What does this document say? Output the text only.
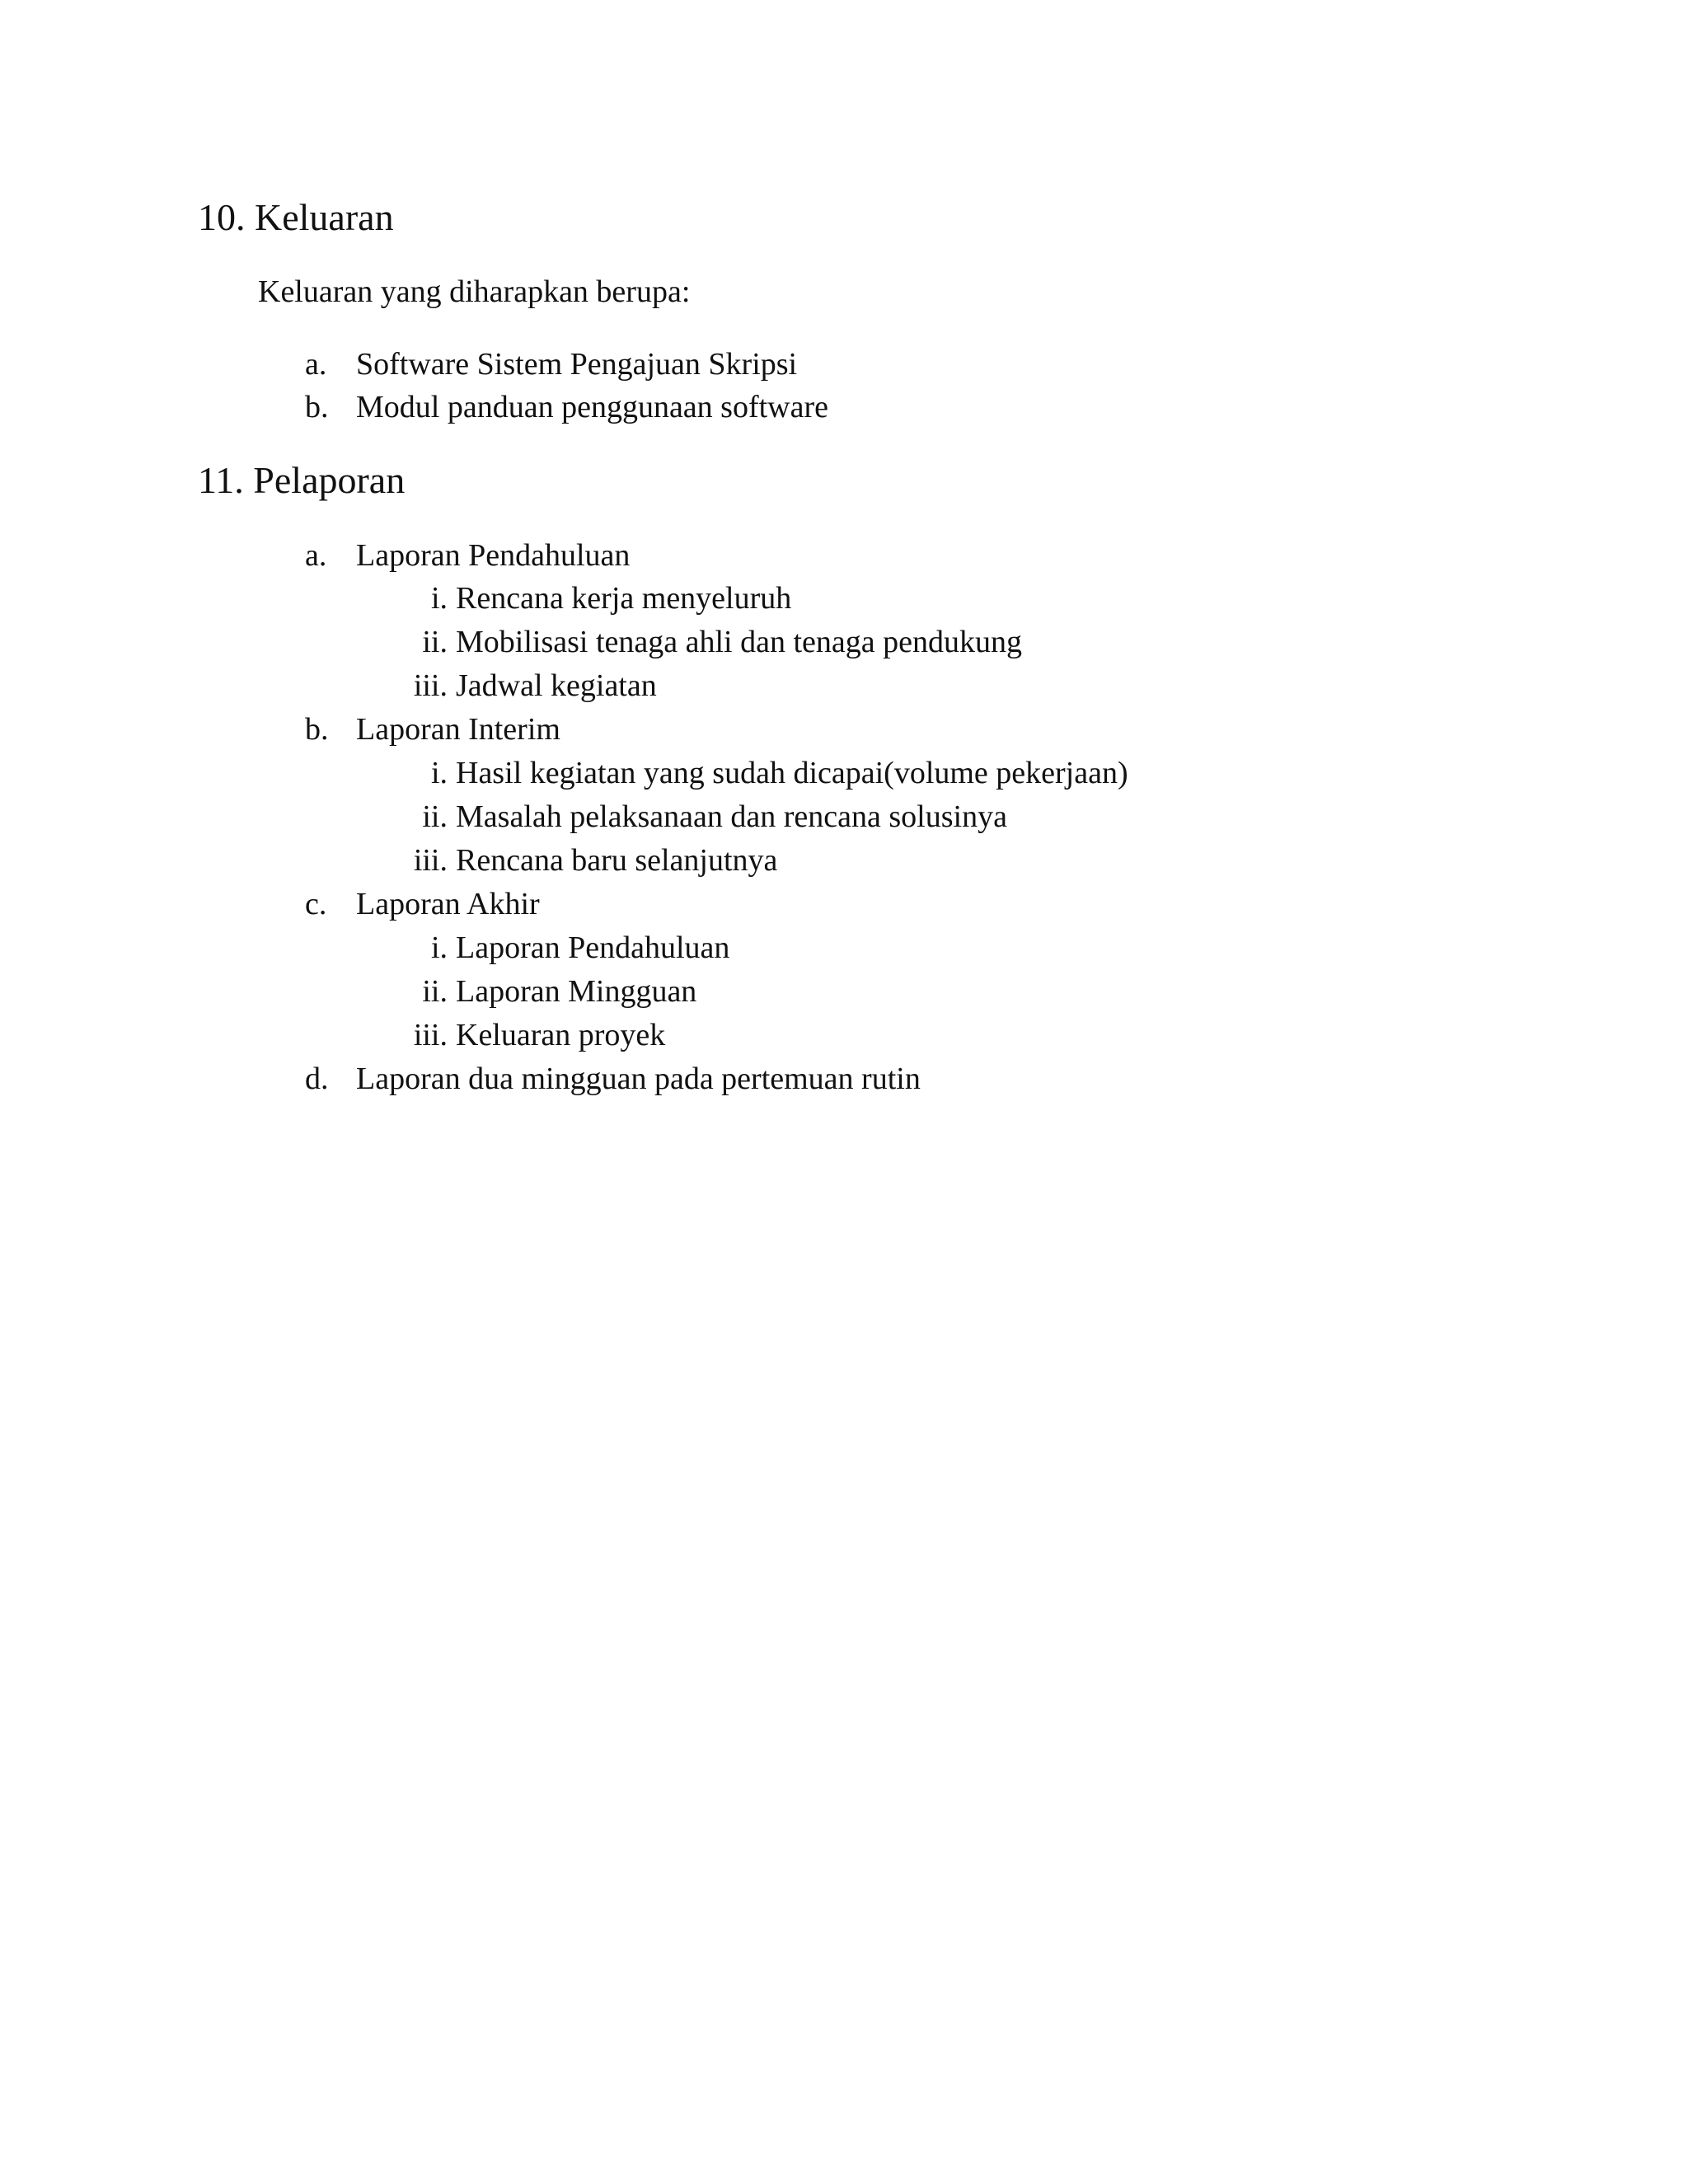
10. Keluaran
Keluaran yang diharapkan berupa:
a. Software Sistem Pengajuan Skripsi
b. Modul panduan penggunaan software
11. Pelaporan
a. Laporan Pendahuluan
i. Rencana kerja menyeluruh
ii. Mobilisasi tenaga ahli dan tenaga pendukung
iii. Jadwal kegiatan
b. Laporan Interim
i. Hasil kegiatan yang sudah dicapai(volume pekerjaan)
ii. Masalah pelaksanaan dan rencana solusinya
iii. Rencana baru selanjutnya
c. Laporan Akhir
i. Laporan Pendahuluan
ii. Laporan Mingguan
iii. Keluaran proyek
d. Laporan dua mingguan pada pertemuan rutin
